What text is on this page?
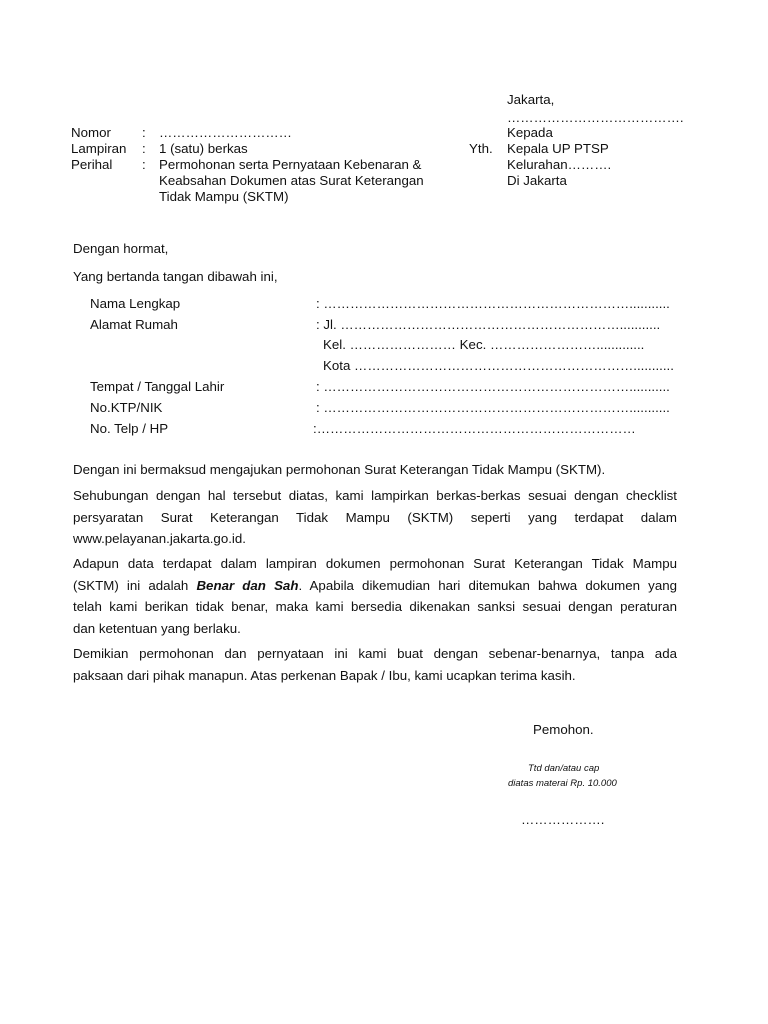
Jakarta,
………………………………….
Kepada
Yth. Kepala UP PTSP
Kelurahan……….
Di Jakarta
Nomor : …………………………
Lampiran : 1 (satu) berkas
Perihal : Permohonan serta Pernyataan Kebenaran &
Keabsahan Dokumen atas Surat Keterangan
Tidak Mampu (SKTM)
Dengan hormat,
Yang bertanda tangan dibawah ini,
Nama Lengkap	: ……………………………………………………………...........
Alamat Rumah	: Jl. ………………………………………………………...........
Kel. …………………… Kec. …………………….............
Kota ………………………………………………………...........
Tempat / Tanggal Lahir	: ……………………………………………………………...........
No.KTP/NIK	: ……………………………………………………………...........
No. Telp / HP	:………………………………………………………………
Dengan ini bermaksud mengajukan permohonan Surat Keterangan Tidak Mampu (SKTM).
Sehubungan dengan hal tersebut diatas, kami lampirkan berkas-berkas sesuai dengan checklist
persyaratan Surat Keterangan Tidak Mampu (SKTM) seperti yang terdapat dalam
www.pelayanan.jakarta.go.id.
Adapun data terdapat dalam lampiran dokumen permohonan Surat Keterangan Tidak Mampu
(SKTM) ini adalah Benar dan Sah. Apabila dikemudian hari ditemukan bahwa dokumen yang
telah kami berikan tidak benar, maka kami bersedia dikenakan sanksi sesuai dengan peraturan
dan ketentuan yang berlaku.
Demikian permohonan dan pernyataan ini kami buat dengan sebenar-benarnya, tanpa ada
paksaan dari pihak manapun. Atas perkenan Bapak / Ibu, kami ucapkan terima kasih.
Pemohon.
Ttd dan/atau cap
diatas materai Rp. 10.000
……………….
